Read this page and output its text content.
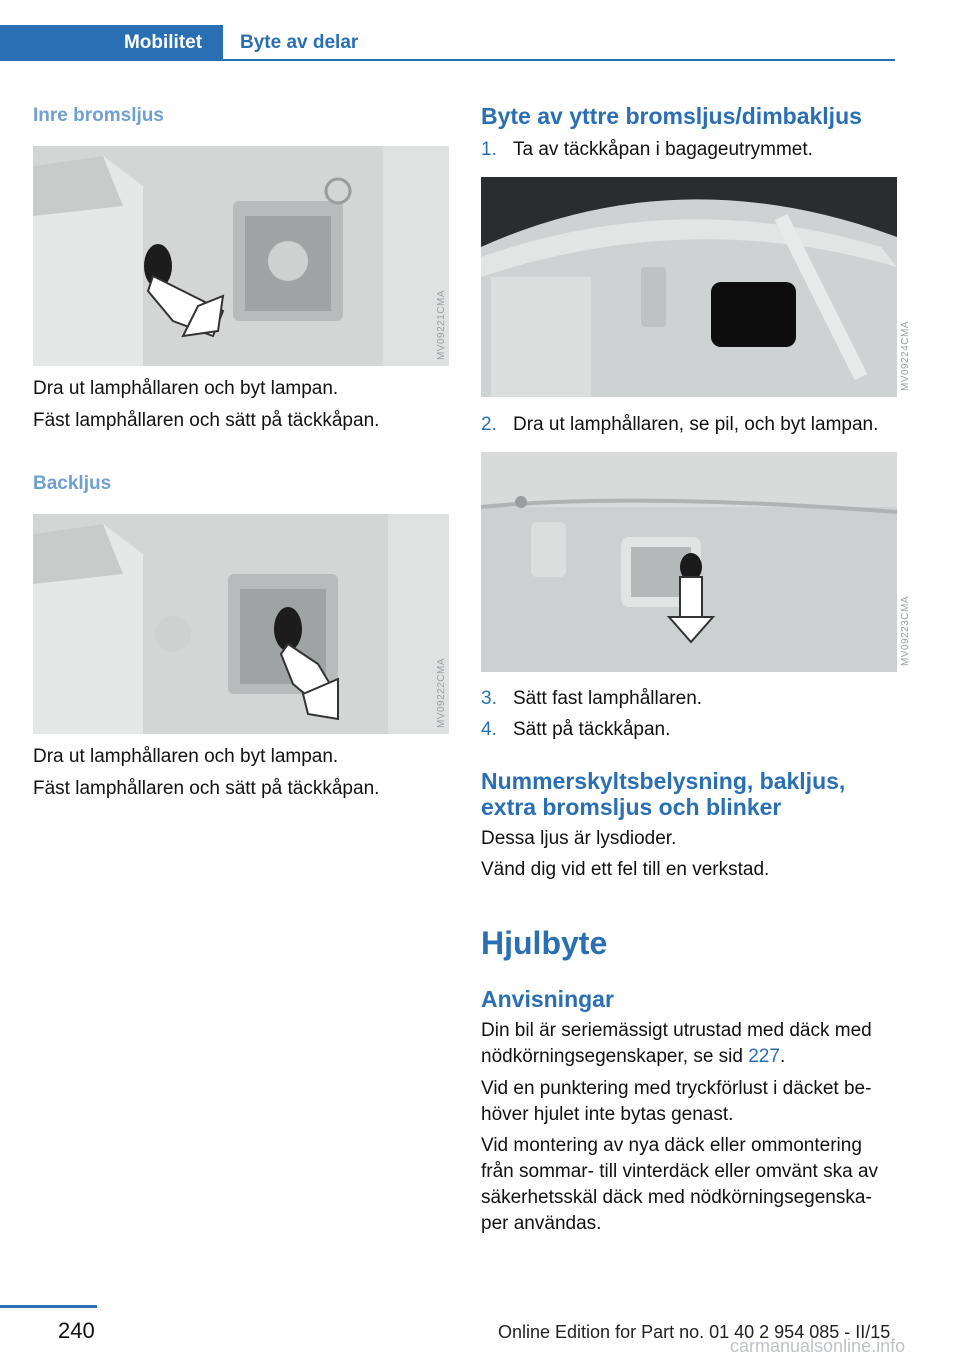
Mobilitet	Byte av delar
Inre bromsljus
MV09221CMA
Dra ut lamphållaren och byt lampan.
Fäst lamphållaren och sätt på täckkåpan.
Backljus
MV09222CMA
Dra ut lamphållaren och byt lampan.
Fäst lamphållaren och sätt på täckkåpan.
Byte av yttre bromsljus/dimbakljus
1. Ta av täckkåpan i bagageutrymmet.
MV09224CMA
2. Dra ut lamphållaren, se pil, och byt lampan.
MV09223CMA
3. Sätt fast lamphållaren.
4. Sätt på täckkåpan.
Nummerskyltsbelysning, bakljus,
extra bromsljus och blinker
Dessa ljus är lysdioder.
Vänd dig vid ett fel till en verkstad.
Hjulbyte
Anvisningar
Din bil är seriemässigt utrustad med däck med
nödkörningsegenskaper, se sid 227.
Vid en punktering med tryckförlust i däcket be-
höver hjulet inte bytas genast.
Vid montering av nya däck eller ommontering
från sommar- till vinterdäck eller omvänt ska av
säkerhetsskäl däck med nödkörningsegenska-
per användas.
240	Online Edition for Part no. 01 40 2 954 085 - II/15
carmanualsonline.info
